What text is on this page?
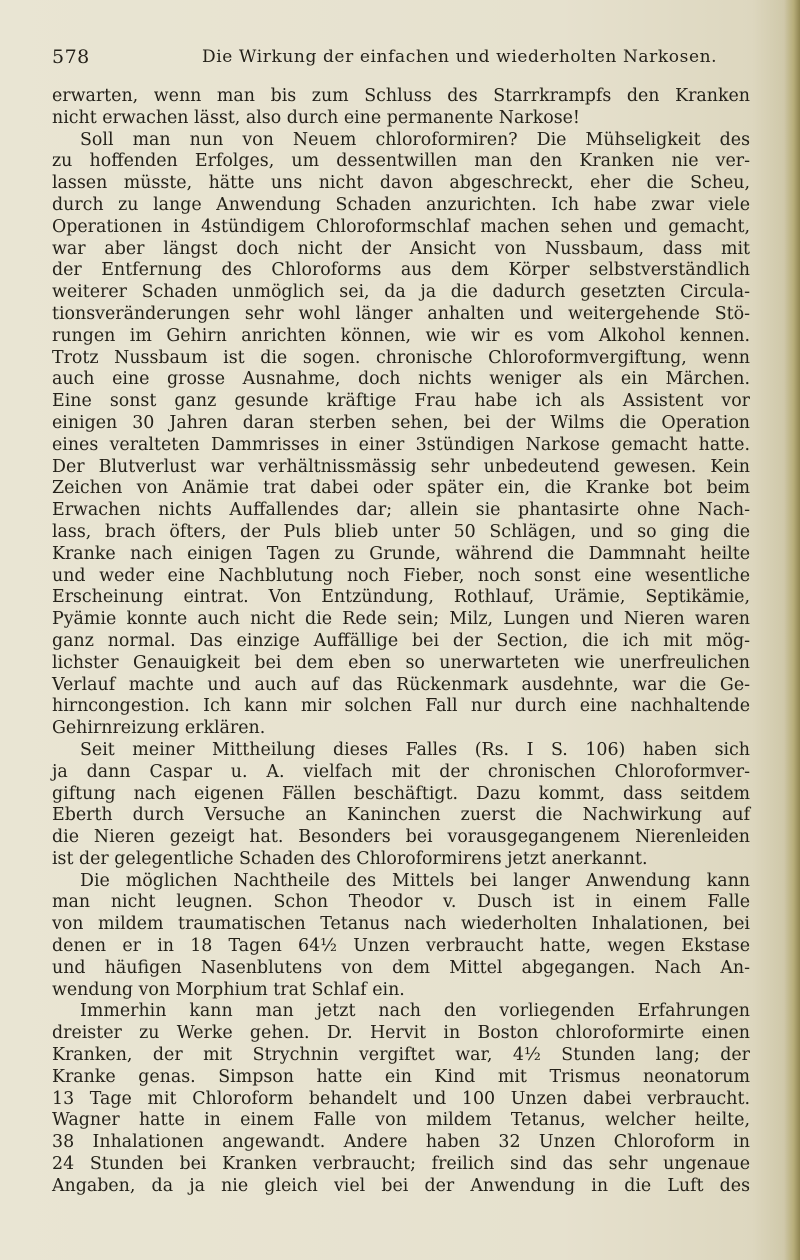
578	Die Wirkung der einfachen und wiederholten Narkosen.
erwarten, wenn man bis zum Schluss des Starrkrampfs den Kranken
nicht erwachen lässt, also durch eine permanente Narkose!
Soll man nun von Neuem chloroformiren? Die Mühseligkeit des
zu hoffenden Erfolges, um dessentwillen man den Kranken nie ver-
lassen müsste, hätte uns nicht davon abgeschreckt, eher die Scheu,
durch zu lange Anwendung Schaden anzurichten. Ich habe zwar viele
Operationen in 4stündigem Chloroformschlaf machen sehen und gemacht,
war aber längst doch nicht der Ansicht von Nussbaum, dass mit
der Entfernung des Chloroforms aus dem Körper selbstverständlich
weiterer Schaden unmöglich sei, da ja die dadurch gesetzten Circula-
tionsveränderungen sehr wohl länger anhalten und weitergehende Stö-
rungen im Gehirn anrichten können, wie wir es vom Alkohol kennen.
Trotz Nussbaum ist die sogen. chronische Chloroformvergiftung, wenn
auch eine grosse Ausnahme, doch nichts weniger als ein Märchen.
Eine sonst ganz gesunde kräftige Frau habe ich als Assistent vor
einigen 30 Jahren daran sterben sehen, bei der Wilms die Operation
eines veralteten Dammrisses in einer 3stündigen Narkose gemacht hatte.
Der Blutverlust war verhältnissmässig sehr unbedeutend gewesen. Kein
Zeichen von Anämie trat dabei oder später ein, die Kranke bot beim
Erwachen nichts Auffallendes dar; allein sie phantasirte ohne Nach-
lass, brach öfters, der Puls blieb unter 50 Schlägen, und so ging die
Kranke nach einigen Tagen zu Grunde, während die Dammnaht heilte
und weder eine Nachblutung noch Fieber, noch sonst eine wesentliche
Erscheinung eintrat. Von Entzündung, Rothlauf, Urämie, Septikämie,
Pyämie konnte auch nicht die Rede sein; Milz, Lungen und Nieren waren
ganz normal. Das einzige Auffällige bei der Section, die ich mit mög-
lichster Genauigkeit bei dem eben so unerwarteten wie unerfreulichen
Verlauf machte und auch auf das Rückenmark ausdehnte, war die Ge-
hirncongestion. Ich kann mir solchen Fall nur durch eine nachhaltende
Gehirnreizung erklären.
Seit meiner Mittheilung dieses Falles (Rs. I S. 106) haben sich
ja dann Caspar u. A. vielfach mit der chronischen Chloroformver-
giftung nach eigenen Fällen beschäftigt. Dazu kommt, dass seitdem
Eberth durch Versuche an Kaninchen zuerst die Nachwirkung auf
die Nieren gezeigt hat. Besonders bei vorausgegangenem Nierenleiden
ist der gelegentliche Schaden des Chloroformirens jetzt anerkannt.
Die möglichen Nachtheile des Mittels bei langer Anwendung kann
man nicht leugnen. Schon Theodor v. Dusch ist in einem Falle
von mildem traumatischen Tetanus nach wiederholten Inhalationen, bei
denen er in 18 Tagen 64½ Unzen verbraucht hatte, wegen Ekstase
und häufigen Nasenblutens von dem Mittel abgegangen. Nach An-
wendung von Morphium trat Schlaf ein.
Immerhin kann man jetzt nach den vorliegenden Erfahrungen
dreister zu Werke gehen. Dr. Hervit in Boston chloroformirte einen
Kranken, der mit Strychnin vergiftet war, 4½ Stunden lang; der
Kranke genas. Simpson hatte ein Kind mit Trismus neonatorum
13 Tage mit Chloroform behandelt und 100 Unzen dabei verbraucht.
Wagner hatte in einem Falle von mildem Tetanus, welcher heilte,
38 Inhalationen angewandt. Andere haben 32 Unzen Chloroform in
24 Stunden bei Kranken verbraucht; freilich sind das sehr ungenaue
Angaben, da ja nie gleich viel bei der Anwendung in die Luft des
